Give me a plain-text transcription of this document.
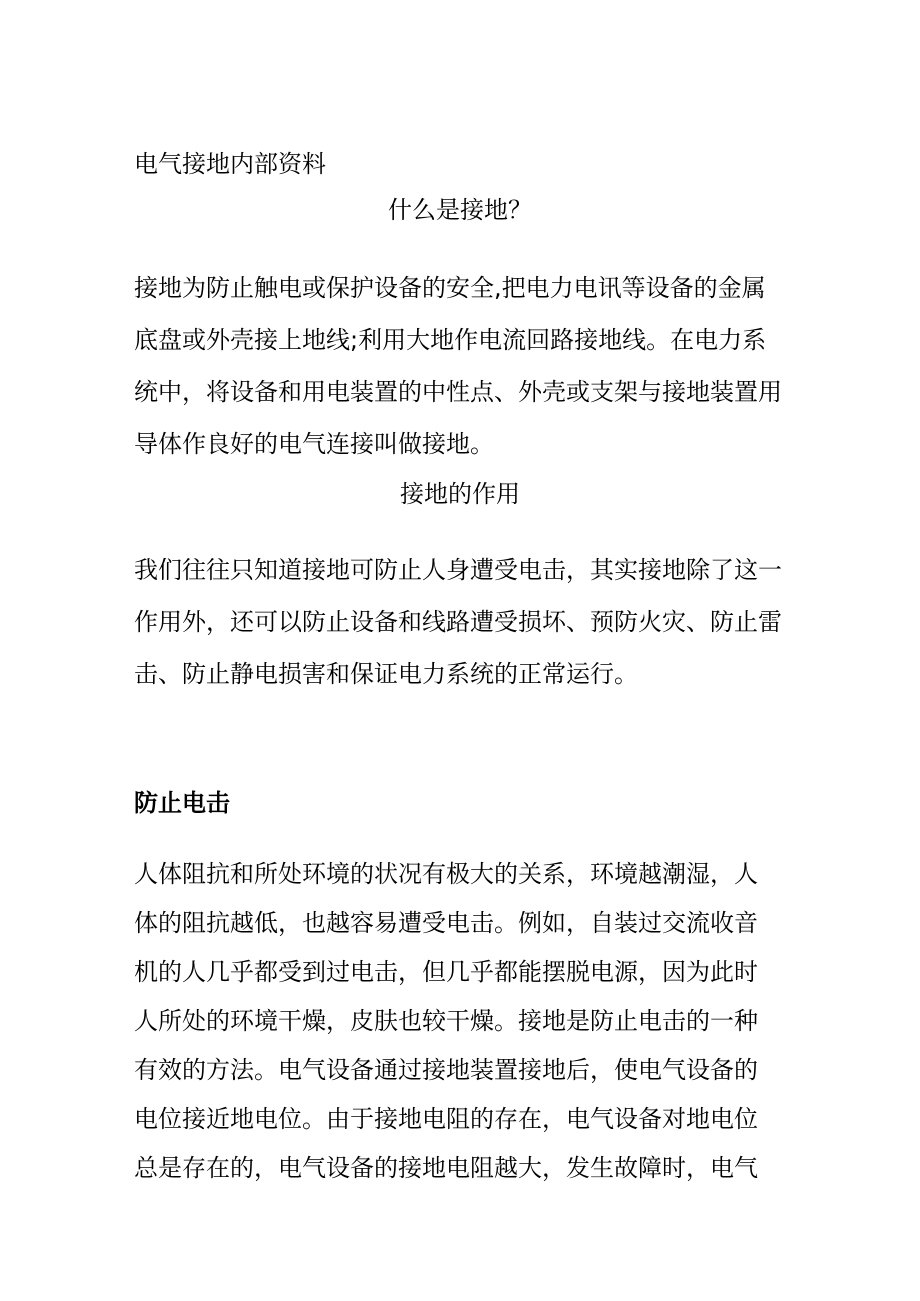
电气接地内部资料
什么是接地？
接地为防止触电或保护设备的安全,把电力电讯等设备的金属
底盘或外壳接上地线;利用大地作电流回路接地线。在电力系
统中，将设备和用电装置的中性点、外壳或支架与接地装置用
导体作良好的电气连接叫做接地。
接地的作用
我们往往只知道接地可防止人身遭受电击，其实接地除了这一
作用外，还可以防止设备和线路遭受损坏、预防火灾、防止雷
击、防止静电损害和保证电力系统的正常运行。
防止电击
人体阻抗和所处环境的状况有极大的关系，环境越潮湿，人
体的阻抗越低，也越容易遭受电击。例如，自装过交流收音
机的人几乎都受到过电击，但几乎都能摆脱电源，因为此时
人所处的环境干燥，皮肤也较干燥。接地是防止电击的一种
有效的方法。电气设备通过接地装置接地后，使电气设备的
电位接近地电位。由于接地电阻的存在，电气设备对地电位
总是存在的，电气设备的接地电阻越大，发生故障时，电气
